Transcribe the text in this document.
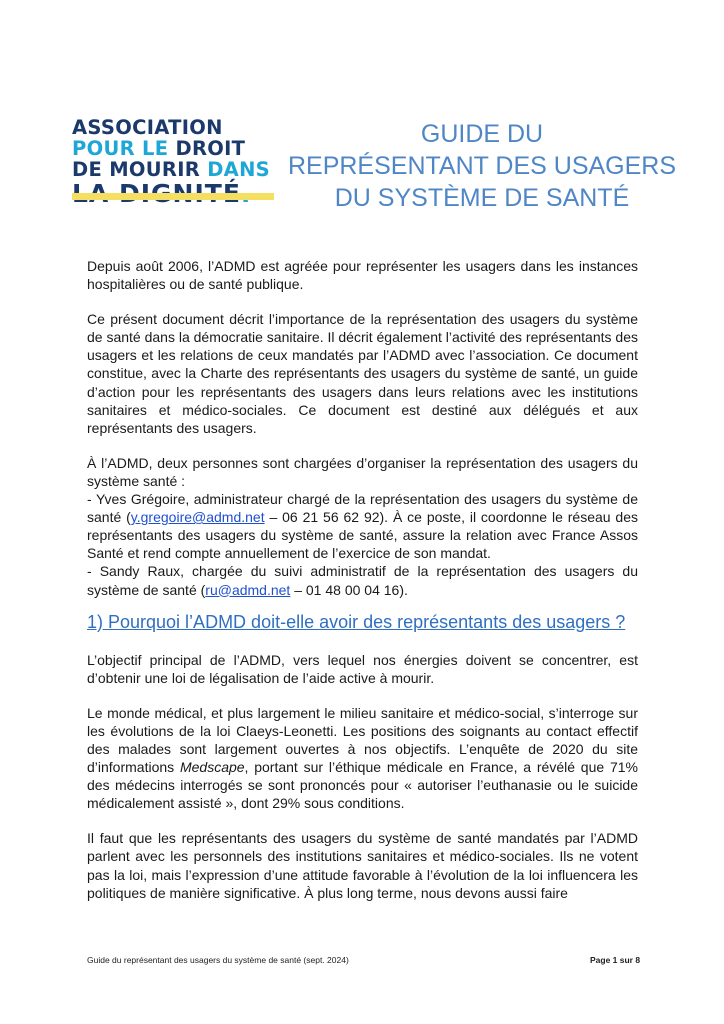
ASSOCIATION
POUR LE DROIT
DE MOURIR DANS
GUIDE DU
REPRÉSENTANT DES USAGERS
DU SYSTÈME DE SANTÉ

Depuis août 2006, l’ADMD est agréée pour représenter les usagers dans les instances hospitalières ou de santé publique.

Ce présent document décrit l’importance de la représentation des usagers du système de santé dans la démocratie sanitaire. Il décrit également l’activité des représentants des usagers et les relations de ceux mandatés par l’ADMD avec l’association. Ce document constitue, avec la Charte des représentants des usagers du système de santé, un guide d’action pour les représentants des usagers dans leurs relations avec les institutions sanitaires et médico-sociales. Ce document est destiné aux délégués et aux représentants des usagers.

À l’ADMD, deux personnes sont chargées d’organiser la représentation des usagers du système santé :

- Yves Grégoire, administrateur chargé de la représentation des usagers du système de santé (y.gregoire@admd.net – 06 21 56 62 92). À ce poste, il coordonne le réseau des représentants des usagers du système de santé, assure la relation avec France Assos Santé et rend compte annuellement de l’exercice de son mandat.

- Sandy Raux, chargée du suivi administratif de la représentation des usagers du système de santé (ru@admd.net – 01 48 00 04 16).

1) Pourquoi l’ADMD doit-elle avoir des représentants des usagers ?

L’objectif principal de l’ADMD, vers lequel nos énergies doivent se concentrer, est d’obtenir une loi de légalisation de l’aide active à mourir.

Le monde médical, et plus largement le milieu sanitaire et médico-social, s’interroge sur les évolutions de la loi Claeys-Leonetti. Les positions des soignants au contact effectif des malades sont largement ouvertes à nos objectifs. L’enquête de 2020 du site d’informations Medscape, portant sur l’éthique médicale en France, a révélé que 71% des médecins interrogés se sont prononcés pour « autoriser l’euthanasie ou le suicide médicalement assisté », dont 29% sous conditions.

Il faut que les représentants des usagers du système de santé mandatés par l’ADMD parlent avec les personnels des institutions sanitaires et médico-sociales. Ils ne votent pas la loi, mais l’expression d’une attitude favorable à l’évolution de la loi influencera les politiques de manière significative. À plus long terme, nous devons aussi faire

Guide du représentant des usagers du système de santé (sept. 2024)	Page 1 sur 8
